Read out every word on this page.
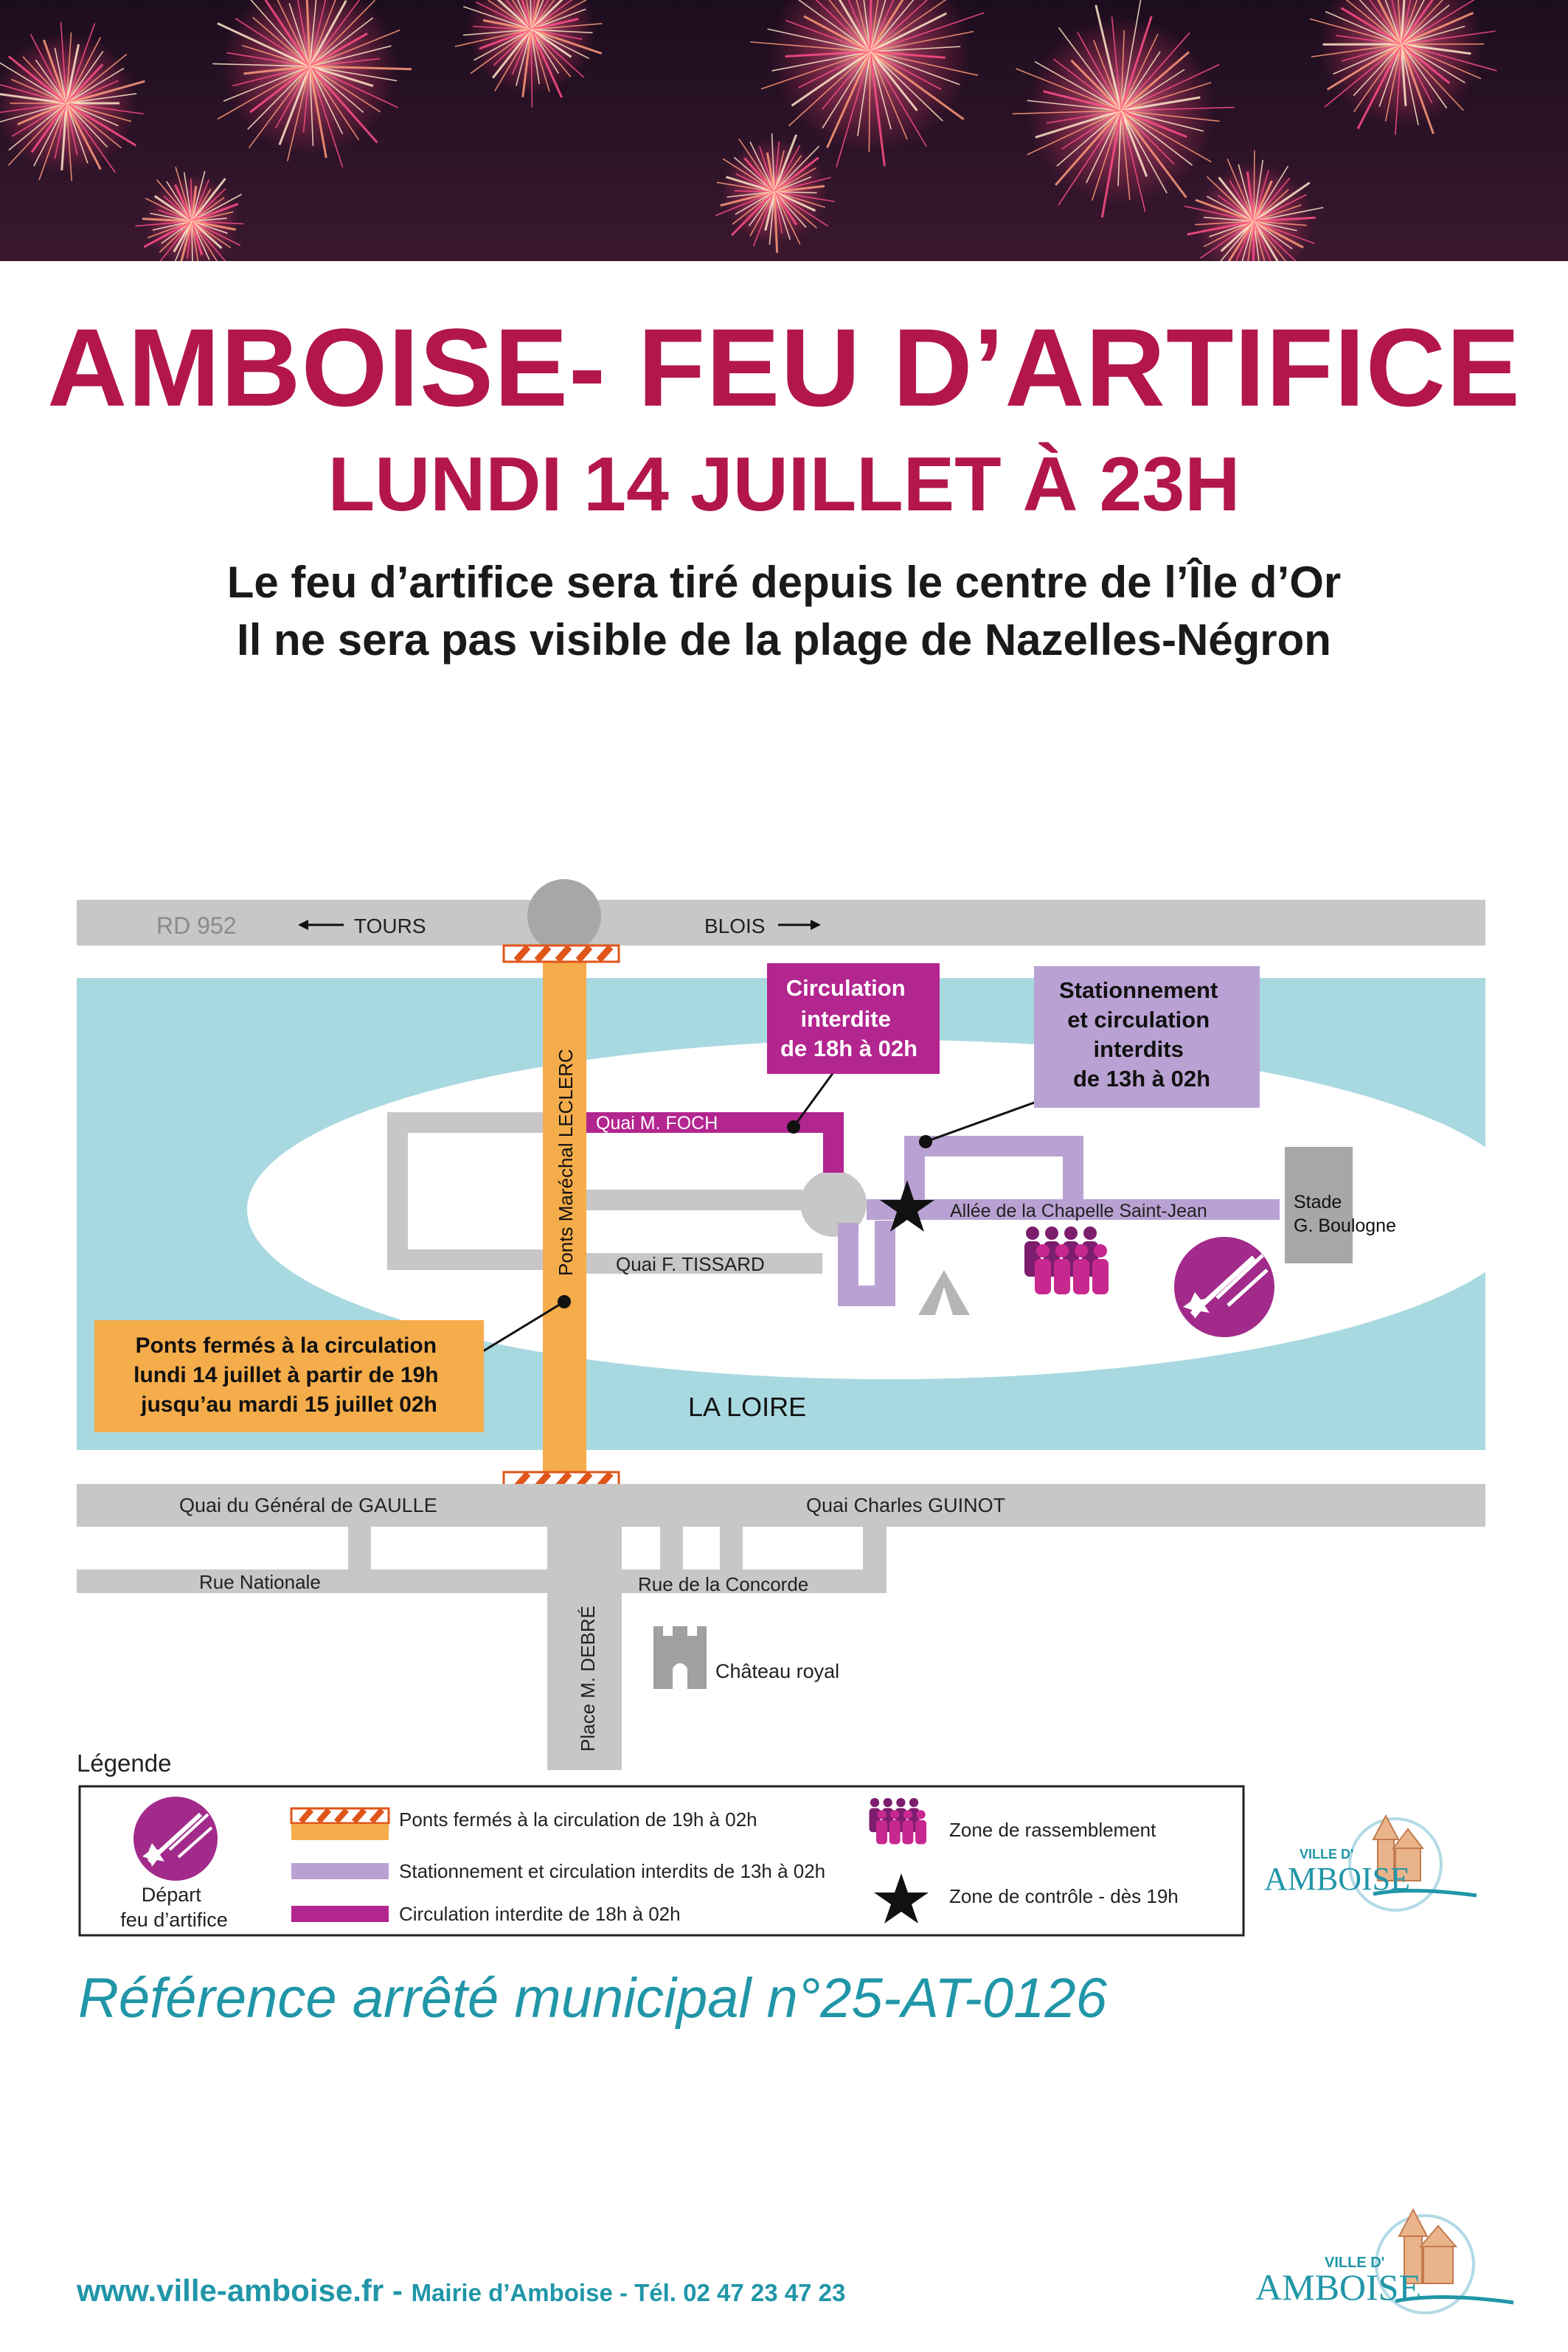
AMBOISE- FEU D’ARTIFICE
LUNDI 14 JUILLET À 23H
Le feu d’artifice sera tiré depuis le centre de l’Île d’Or
Il ne sera pas visible de la plage de Nazelles-Négron
RD 952	TOURS	BLOIS
Ponts Maréchal LECLERC Quai M. FOCH
Quai F. TISSARD
Allée de la Chapelle Saint-Jean	Stade
G. Boulogne
Circulation interdite de 18h à 02h
Stationnement et circulation interdits de 13h à 02h
Ponts fermés à la circulation lundi 14 juillet à partir de 19h jusqu’au mardi 15 juillet 02h	LA LOIRE
Quai du Général de GAULLE	Quai Charles GUINOT
Rue Nationale	Rue de la Concorde
Place M. DEBRÉ	Château royal
Légende
Départ feu d’artifice
Ponts fermés à la circulation de 19h à 02h
Stationnement et circulation interdits de 13h à 02h
Circulation interdite de 18h à 02h
Zone de rassemblement
Zone de contrôle - dès 19h
VILLE D'
AMBOISE
Référence arrêté municipal n°25-AT-0126
www.ville-amboise.fr - Mairie d’Amboise - Tél. 02 47 23 47 23
VILLE D'
AMBOISE
